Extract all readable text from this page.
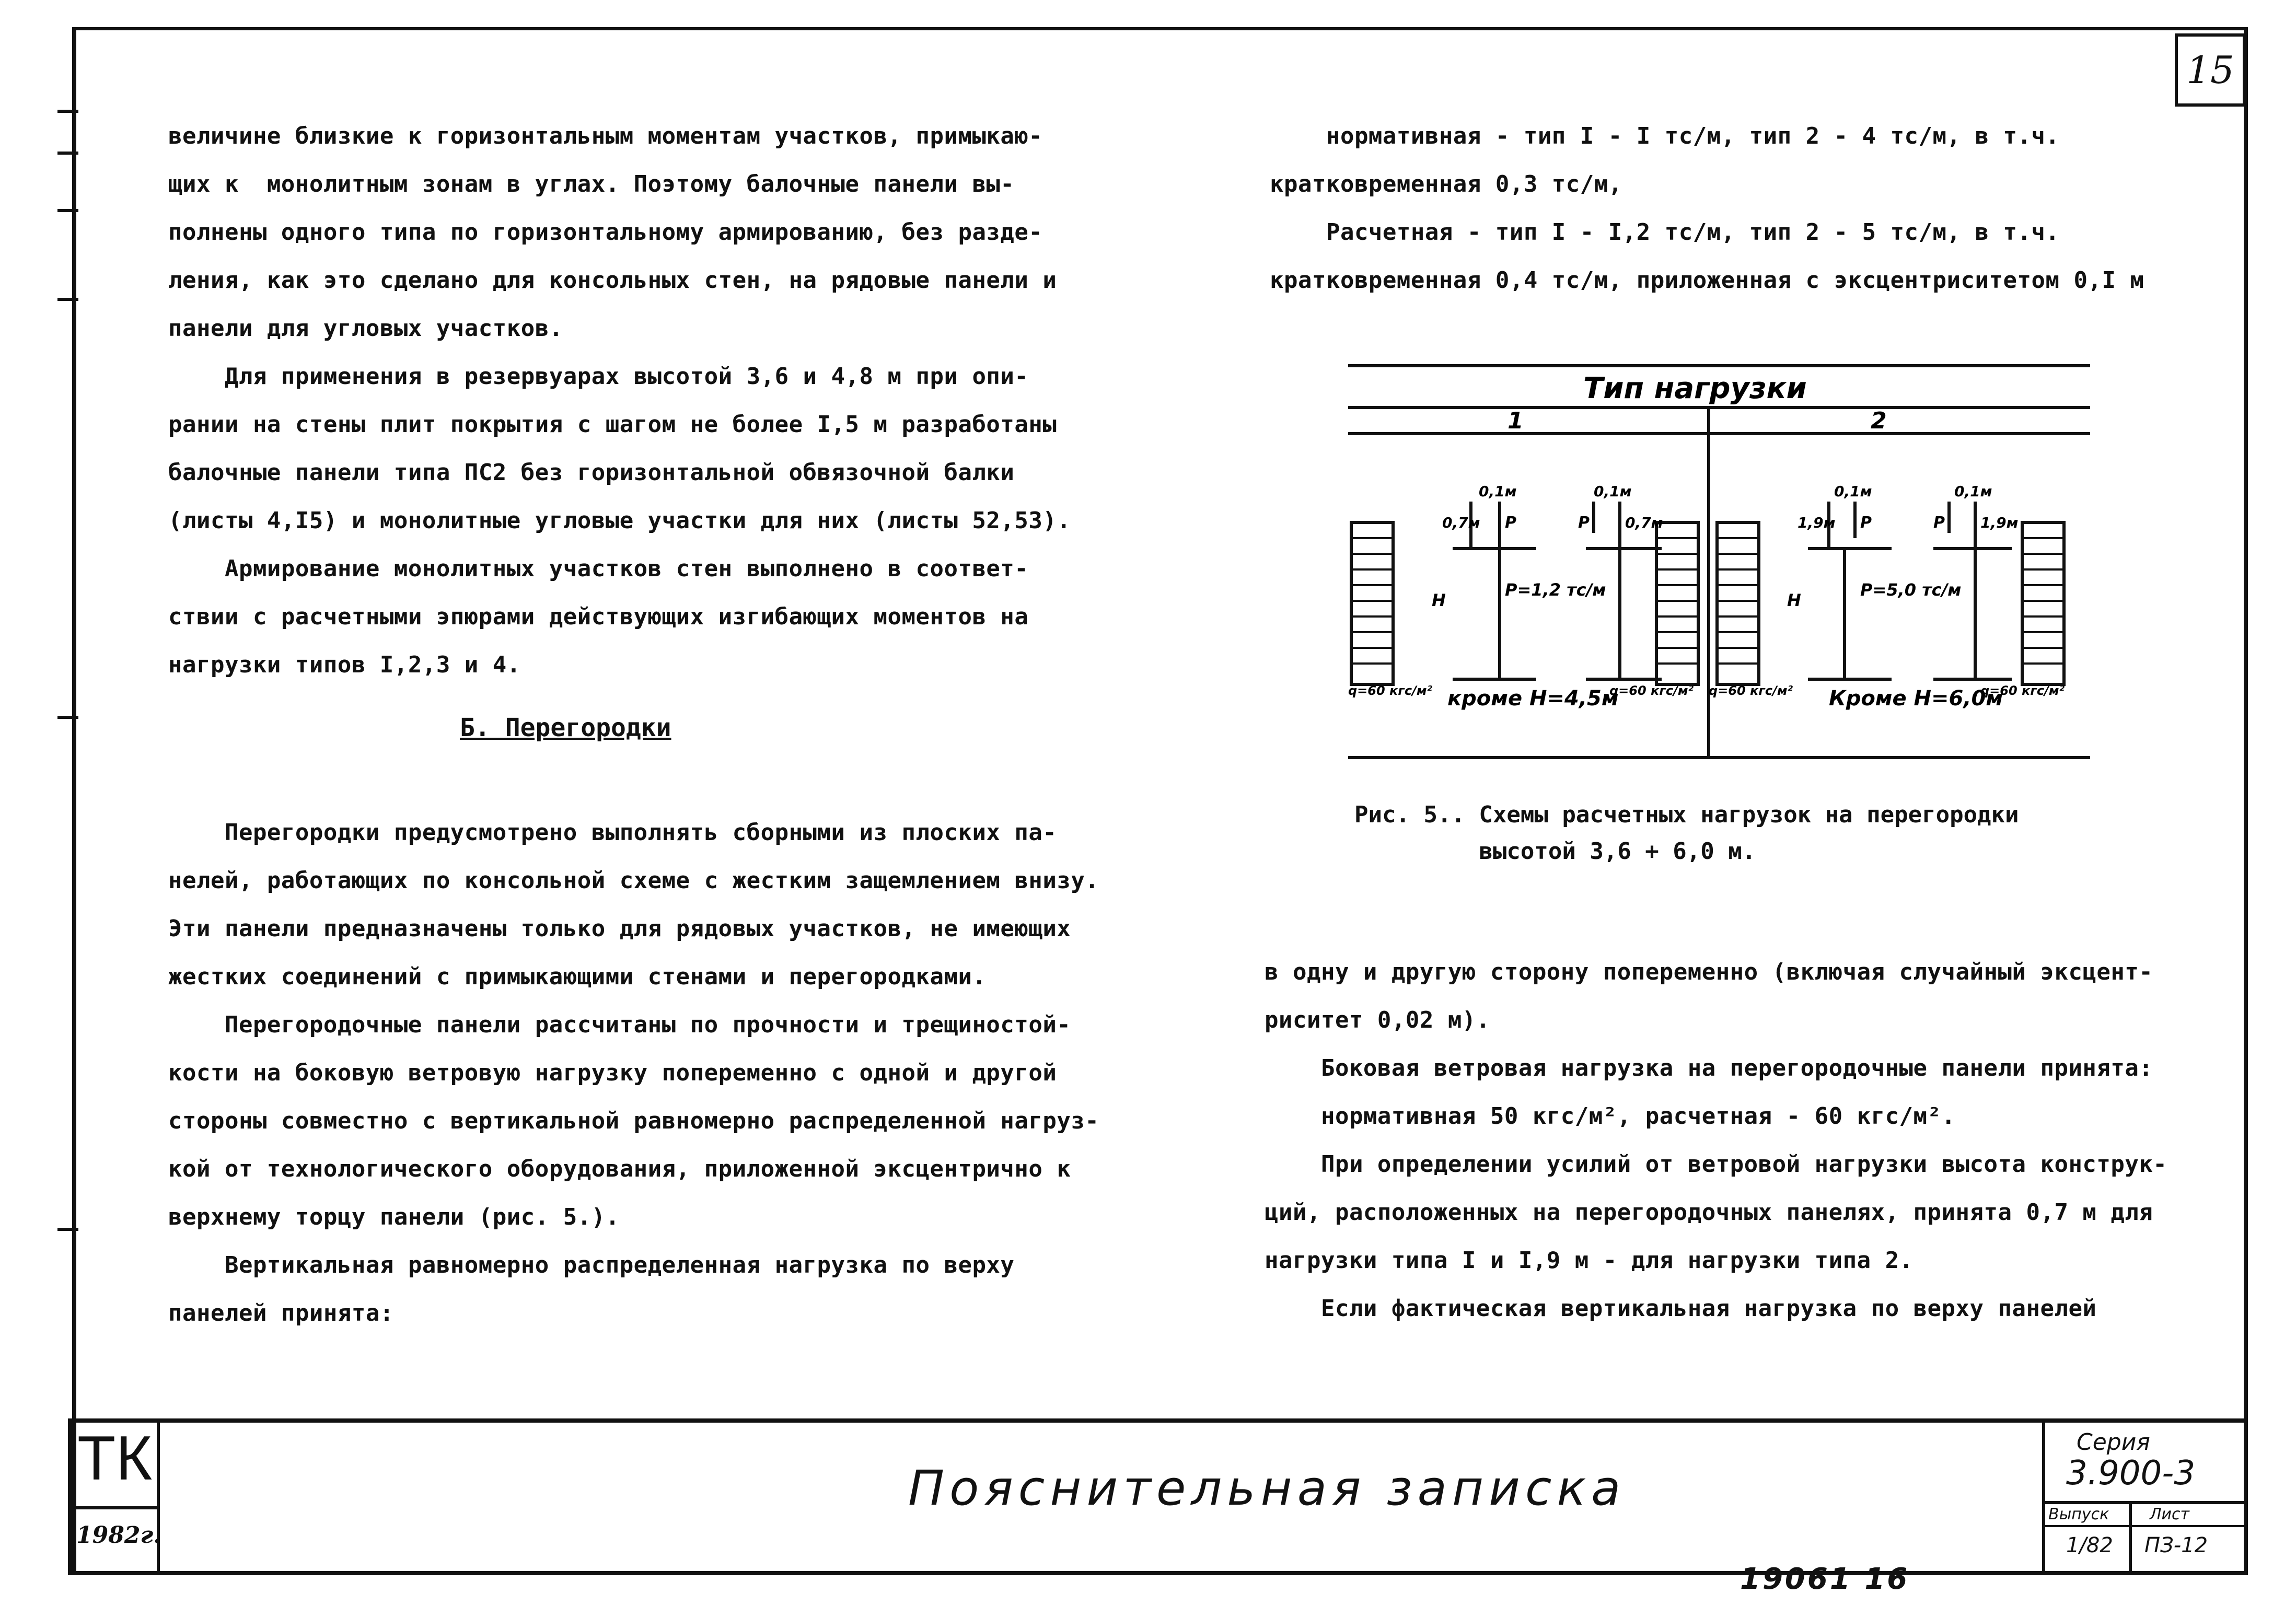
15

величине близкие к горизонтальным моментам участков, примыкаю-

щих к  монолитным зонам в углах. Поэтому балочные панели вы-

полнены одного типа по горизонтальному армированию, без разде-

ления, как это сделано для консольных стен, на рядовые панели и

панели для угловых участков.

Для применения в резервуарах высотой 3,6 и 4,8 м при опи-

рании на стены плит покрытия с шагом не более I,5 м разработаны

балочные панели типа ПС2 без горизонтальной обвязочной балки

(листы 4,I5) и монолитные угловые участки для них (листы 52,53).

Армирование монолитных участков стен выполнено в соответ-

ствии с расчетными эпюрами действующих изгибающих моментов на

нагрузки типов I,2,3 и 4.

Б. Перегородки

Перегородки предусмотрено выполнять сборными из плоских па-

нелей, работающих по консольной схеме с жестким защемлением внизу.

Эти панели предназначены только для рядовых участков, не имеющих

жестких соединений с примыкающими стенами и перегородками.

Перегородочные панели рассчитаны по прочности и трещиностой-

кости на боковую ветровую нагрузку попеременно с одной и другой

стороны совместно с вертикальной равномерно распределенной нагруз-

кой от технологического оборудования, приложенной эксцентрично к

верхнему торцу панели (рис. 5.).

Вертикальная равномерно распределенная нагрузка по верху

панелей принята:

нормативная - тип I - I тс/м, тип 2 - 4 тс/м, в т.ч.

кратковременная 0,3 тс/м,

Расчетная - тип I - I,2 тс/м, тип 2 - 5 тс/м, в т.ч.

кратковременная 0,4 тс/м, приложенная с эксцентриситетом 0,I м

Тип нагрузки
1	2
0,1м	0,1м	0,1м	0,1м
0,7м	0,7м	1,9м	1,9м
P	P	P	P
H	H
P=1,2 тс/м	P=5,0 тс/м
q=60 кгс/м²	q=60 кгс/м² q=60 кгс/м²	q=60 кгс/м²
кроме H=4,5м	Кроме H=6,0м

Рис. 5.. Схемы расчетных нагрузок на перегородки

высотой 3,6 + 6,0 м.

в одну и другую сторону попеременно (включая случайный эксцент-

риситет 0,02 м).

Боковая ветровая нагрузка на перегородочные панели принята:

нормативная 50 кгс/м², расчетная - 60 кгс/м².

При определении усилий от ветровой нагрузки высота конструк-

ций, расположенных на перегородочных панелях, принята 0,7 м для

нагрузки типа I и I,9 м - для нагрузки типа 2.

Если фактическая вертикальная нагрузка по верху панелей

ТК
1982г.
Пояснительная записка
Серия
3.900-3
Выпуск	Лист
1/82 ПЗ-12
19061 16
